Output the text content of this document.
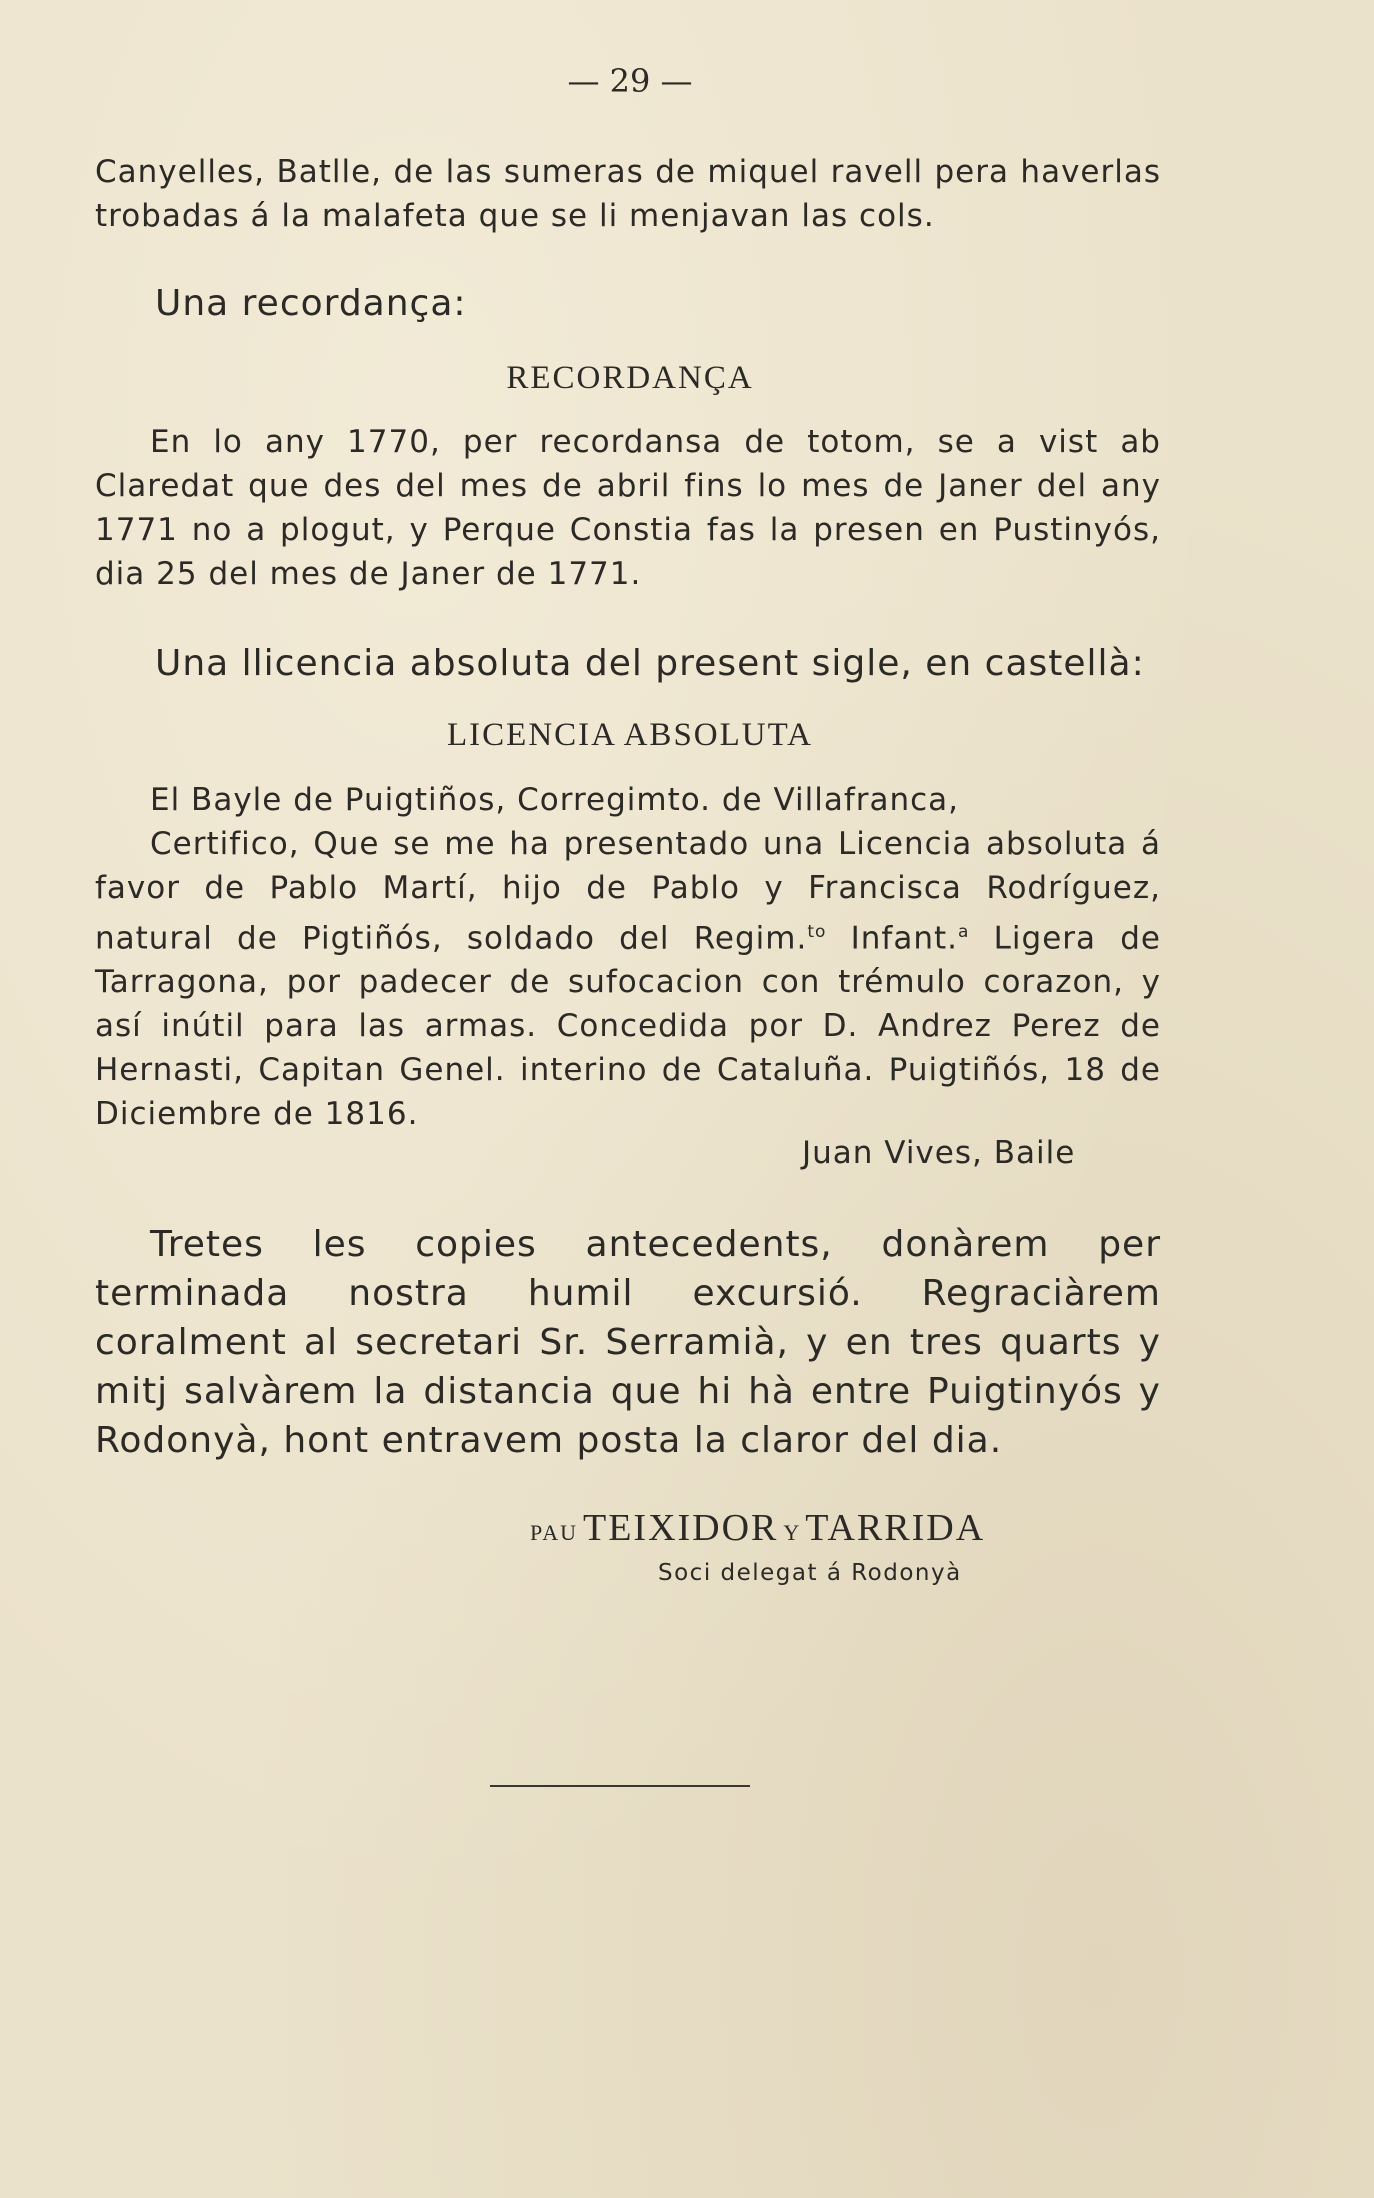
— 29 —

Canyelles, Batlle, de las sumeras de miquel ravell pera haverlas trobadas á la malafeta que se li menjavan las cols.

Una recordança:
RECORDANÇA

En lo any 1770, per recordansa de totom, se a vist ab Claredat que des del mes de abril fins lo mes de Janer del any 1771 no a plogut, y Perque Constia fas la presen en Pustinyós, dia 25 del mes de Janer de 1771.

Una llicencia absoluta del present sigle, en castellà:
LICENCIA ABSOLUTA

El Bayle de Puigtiños, Corregimto. de Villafranca,

Certifico, Que se me ha presentado una Licencia absoluta á favor de Pablo Martí, hijo de Pablo y Francisca Rodríguez, natural de Pigtiñós, soldado del Regim.$^{to}$ Infant.$^a$ Ligera de Tarragona, por padecer de sufocacion con trémulo corazon, y así inútil para las armas. Concedida por D. Andrez Perez de Hernasti, Capitan Genel. interino de Cataluña. Puigtiñós, 18 de Diciembre de 1816.

Juan Vives, Baile

Tretes les copies antecedents, donàrem per terminada nostra humil excursió. Regraciàrem coralment al secretari Sr. Serramià, y en tres quarts y mitj salvàrem la distancia que hi hà entre Puigtinyós y Rodonyà, hont entravem posta la claror del dia.

PAU TEIXIDOR Y TARRIDA
Soci delegat á Rodonyà
